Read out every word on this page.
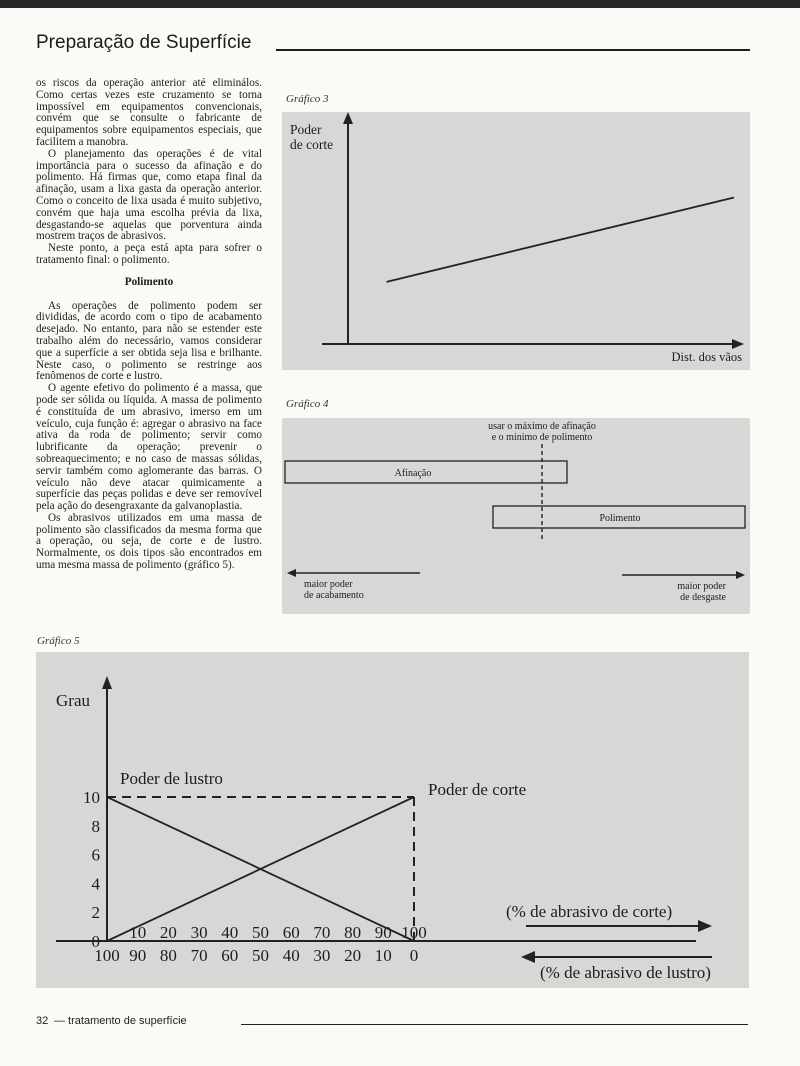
Preparação de Superfície

os riscos da operação anterior até eliminálos. Como certas vezes este cruzamento se torna impossível em equipamentos convencionais, convém que se consulte o fabricante de equipamentos sobre equipamentos especiais, que facilitem a manobra.

O planejamento das operações é de vital importância para o sucesso da afinação e do polimento. Há firmas que, como etapa final da afinação, usam a lixa gasta da operação anterior. Como o conceito de lixa usada é muito subjetivo, convém que haja uma escolha prévia da lixa, desgastando-se aquelas que porventura ainda mostrem traços de abrasivos.

Neste ponto, a peça está apta para sofrer o tratamento final: o polimento.

Polimento

As operações de polimento podem ser divididas, de acordo com o tipo de acabamento desejado. No entanto, para não se estender este trabalho além do necessário, vamos considerar que a superfície a ser obtida seja lisa e brilhante. Neste caso, o polimento se restringe aos fenômenos de corte e lustro.

O agente efetivo do polimento é a massa, que pode ser sólida ou líquida. A massa de polimento é constituída de um abrasivo, imerso em um veículo, cuja função é: agregar o abrasivo na face ativa da roda de polimento; servir como lubrificante da operação; prevenir o sobreaquecimento; e no caso de massas sólidas, servir também como aglomerante das barras. O veículo não deve atacar quimicamente a superfície das peças polidas e deve ser removível pela ação do desengraxante da galvanoplastia.

Os abrasivos utilizados em uma massa de polimento são classificados da mesma forma que a operação, ou seja, de corte e de lustro. Normalmente, os dois tipos são encontrados em uma mesma massa de polimento (gráfico 5).

Gráfico 3
Poder
de corte
Dist. dos vãos
Gráfico 4
usar o máximo de afinação
e o mínimo de polimento
Afinação
Polimento
maior poder
de acabamento
maior poder
de desgaste
Gráfico 5
Grau
0
2
4
6
8
10
10 20 30 40 50 60 70 80 90 100
100 90 80 70 60 50 40 30 20 10 0
Poder de lustro
Poder de corte
(% de abrasivo de corte)
(% de abrasivo de lustro)
32 — tratamento de superfície
